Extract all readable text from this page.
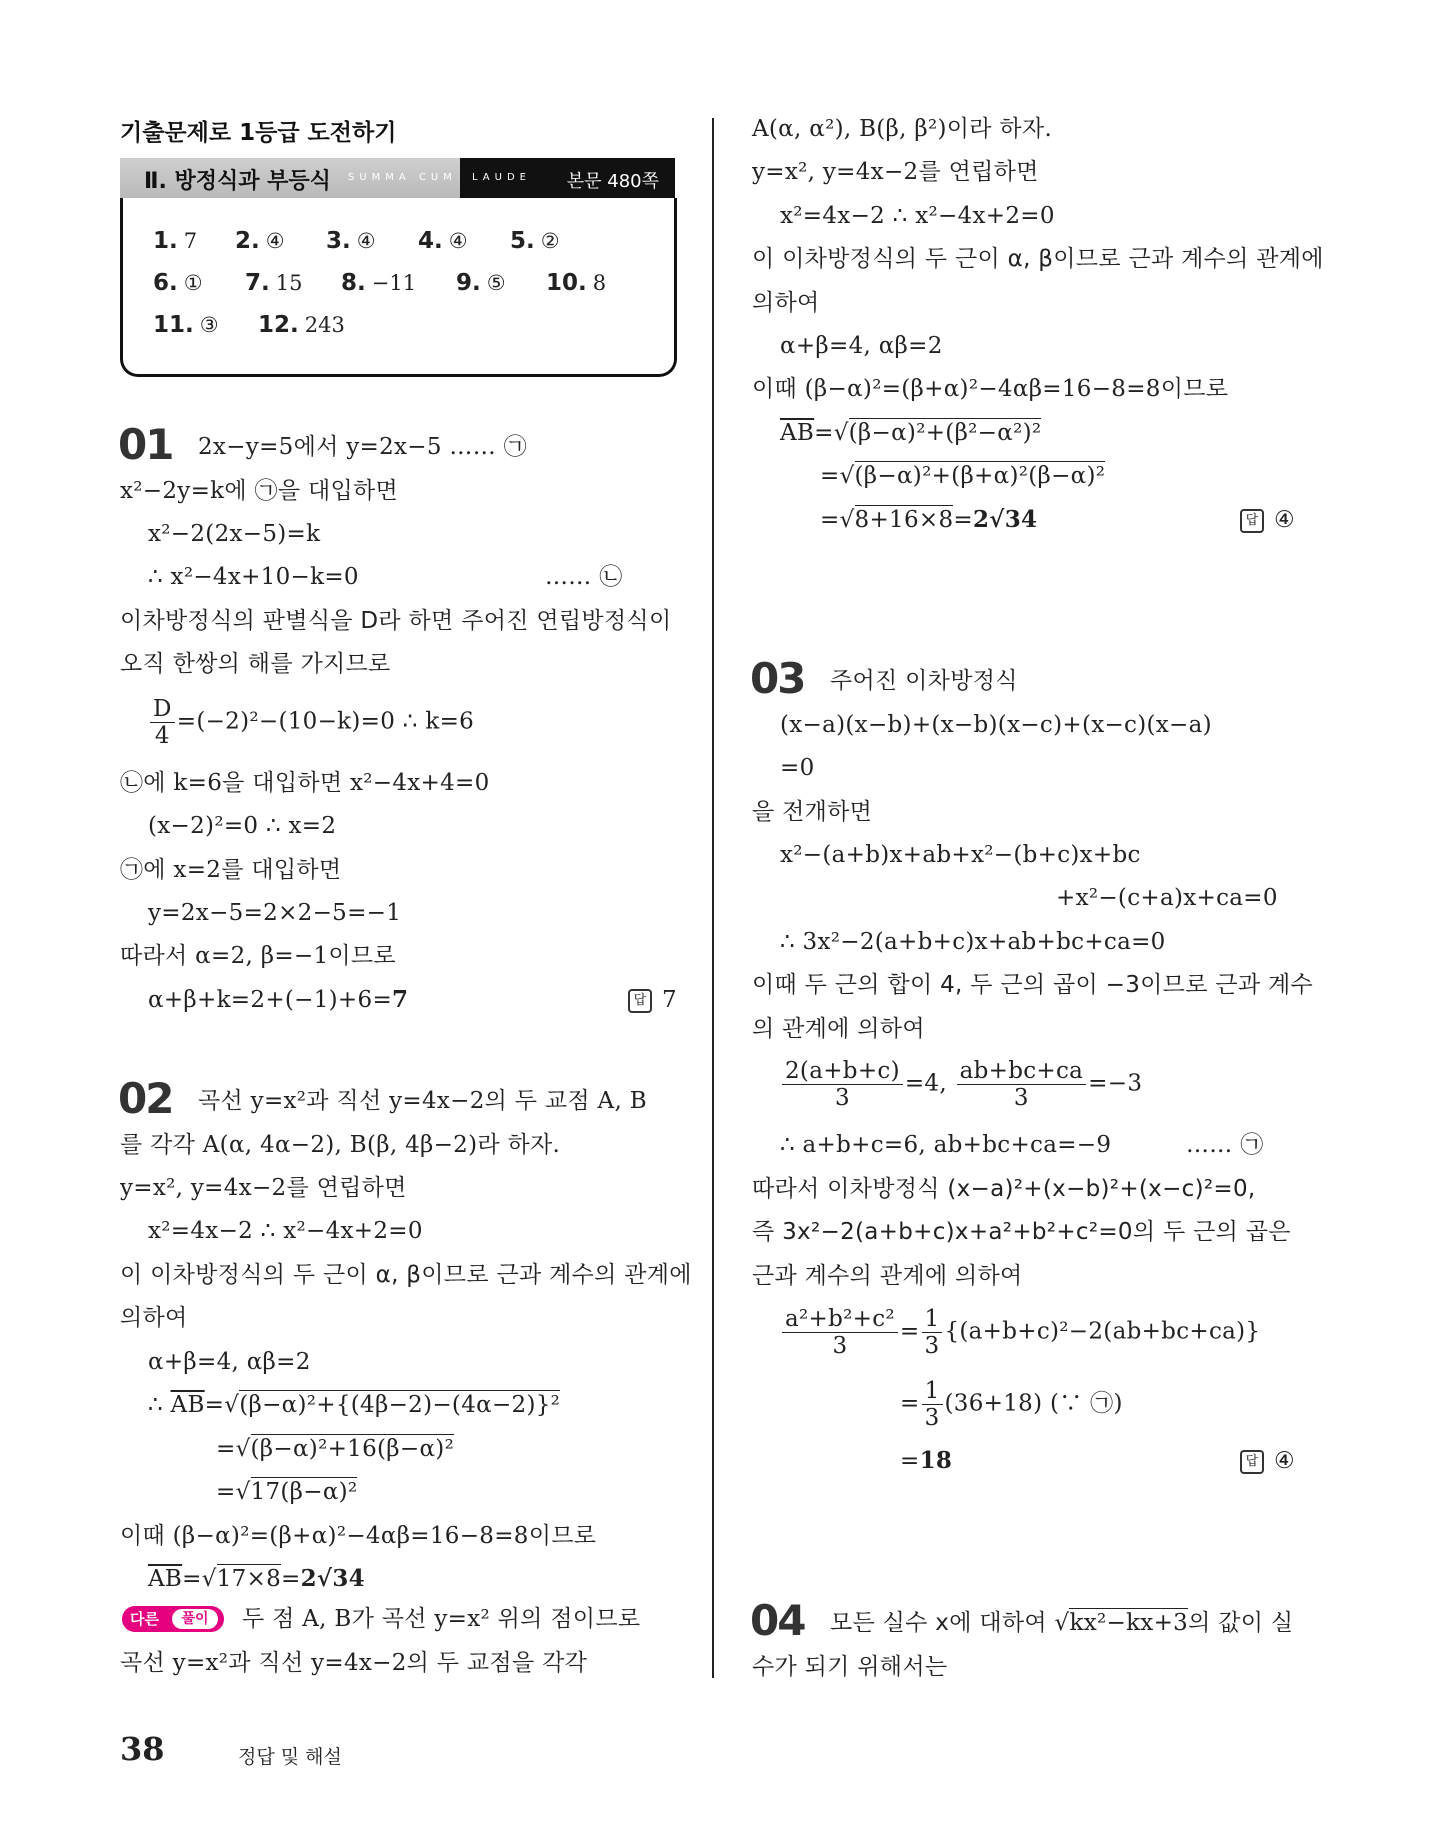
기출문제로 1등급 도전하기
Ⅱ. 방정식과 부등식 SUMMA CUM LAUDE 본문 480쪽
1. 7 2. ④ 3. ④ 4. ④ 5. ②
6. ① 7. 15 8. −11 9. ⑤ 10. 8
11. ③ 12. 243
01 2x−y=5에서 y=2x−5 …… ㉠
x²−2y=k에 ㉠을 대입하면
x²−2(2x−5)=k
∴ x²−4x+10−k=0	…… ㉡
이차방정식의 판별식을 D라 하면 주어진 연립방정식이
오직 한쌍의 해를 가지므로
$\frac{D}{4} =(-2)^2-(10-k)=0$ ∴ k=6
㉡에 k=6을 대입하면 x²−4x+4=0
(x−2)²=0 ∴ x=2
㉠에 x=2를 대입하면
y=2x−5=2×2−5=−1
따라서 α=2, β=−1이므로
α+β+k=2+(−1)+6=7	답 7
02 곡선 y=x²과 직선 y=4x−2의 두 교점 A, B
를 각각 A(α, 4α−2), B(β, 4β−2)라 하자.
y=x², y=4x−2를 연립하면
x²=4x−2 ∴ x²−4x+2=0
이 이차방정식의 두 근이 α, β이므로 근과 계수의 관계에
의하여
α+β=4, αβ=2
∴ $\overline{AB}=√(\beta-\alpha)^2+\{(4\beta-2)-(4\alpha-2)\}^2$
=√(β−α)²+16(β−α)²
=√17(β−α)²
이때 (β−α)²=(β+α)²−4αβ=16−8=8이므로
$\overline{AB}=√17\times 8=2√34$
다른	풀이	두 점 A, B가 곡선 y=x² 위의 점이므로
곡선 y=x²과 직선 y=4x−2의 두 교점을 각각
A(α, α²), B(β, β²)이라 하자.
y=x², y=4x−2를 연립하면
x²=4x−2 ∴ x²−4x+2=0
이 이차방정식의 두 근이 α, β이므로 근과 계수의 관계에
의하여
α+β=4, αβ=2
이때 (β−α)²=(β+α)²−4αβ=16−8=8이므로
$\overline{AB}=√(\beta-\alpha)^2+(\beta^2-\alpha^2)^2$
=√(β−α)²+(β+α)²(β−α)²
=√8+16×8=2√34	답 ④
03 주어진 이차방정식
(x−a)(x−b)+(x−b)(x−c)+(x−c)(x−a)
=0
을 전개하면
x²−(a+b)x+ab+x²−(b+c)x+bc
+x²−(c+a)x+ca=0
∴ 3x²−2(a+b+c)x+ab+bc+ca=0
이때 두 근의 합이 4, 두 근의 곱이 −3이므로 근과 계수
의 관계에 의하여
$\frac{2(a+b+c)}{3} =4$, $\frac{ab+bc+ca}{3} =-3$
∴ a+b+c=6, ab+bc+ca=−9	…… ㉠
따라서 이차방정식 (x−a)²+(x−b)²+(x−c)²=0,
즉 3x²−2(a+b+c)x+a²+b²+c²=0의 두 근의 곱은
근과 계수의 관계에 의하여
$\frac{\text{a²+b²+c²}}{3} = \frac{1}{3} \{(a+b+c)^2-2(ab+bc+ca)\}$
= $\frac{1}{3} (36+18)$ (∵ ㉠)
=18	답 ④
04 모든 실수 x에 대하여 √kx²−kx+3의 값이 실
수가 되기 위해서는
38	정답 및 해설
